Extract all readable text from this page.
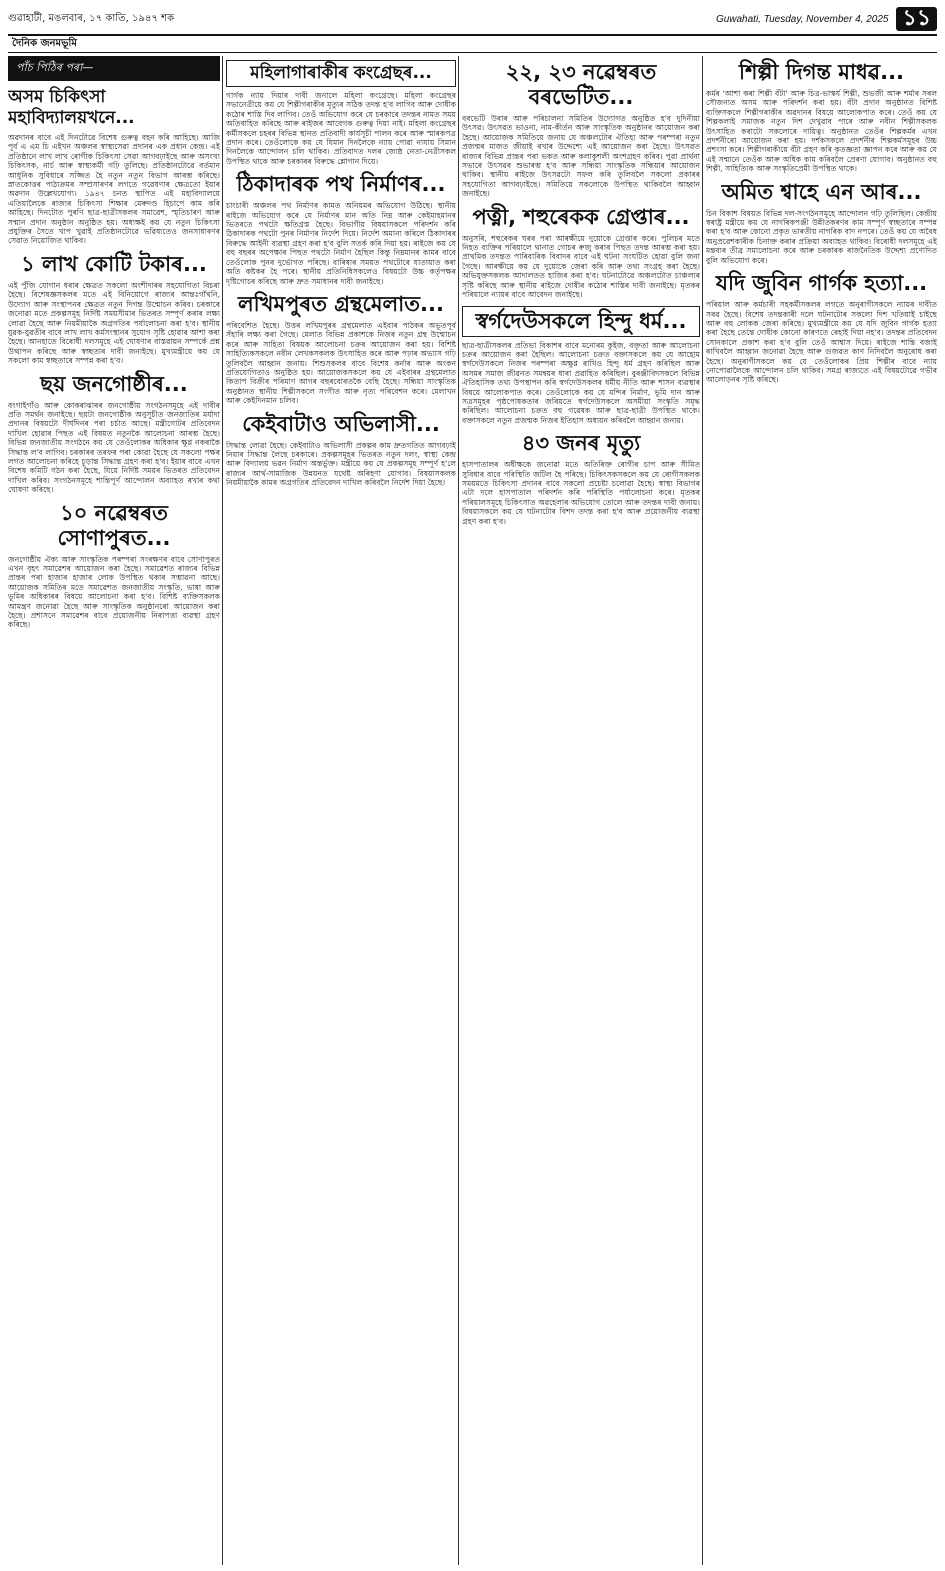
গুৱাহাটী, মঙলবাৰ, ১৭ কাতি, ১৯৪৭ শক	Guwahati, Tuesday, November 4, 2025 ১১
দৈনিক জনমভূমি
পাঁচ পিঠিৰ পৰা—
অসম চিকিৎসা মহাবিদ্যালয়খনে...

অৱদানৰ বাবে এই দিনটোৱে বিশেষ গুৰুত্ব বহন কৰি আহিছে। আজি পূৰ্ব এ এম চি এইখন অঞ্চলৰ স্বাস্থ্যসেৱা প্ৰদানৰ এক প্ৰধান কেন্দ্ৰ। এই প্ৰতিষ্ঠানে লাখ লাখ ৰোগীক চিকিৎসা সেৱা আগবঢ়াইছে আৰু অসংখ্য চিকিৎসক, নাৰ্চ আৰু স্বাস্থ্যকৰ্মী গঢ়ি তুলিছে। প্ৰতিষ্ঠানটোৱে বৰ্তমান আধুনিক সুবিধাৰে সজ্জিত হৈ নতুন নতুন বিভাগ আৰম্ভ কৰিছে। স্নাতকোত্তৰ পাঠ্যক্ৰমৰ সম্প্ৰসাৰণৰ লগতে গৱেষণাৰ ক্ষেত্ৰতো ইয়াৰ অৱদান উল্লেখযোগ্য। ১৯৪৭ চনত স্থাপিত এই মহাবিদ্যালয়ে এতিয়ালৈকে ৰাজ্যৰ চিকিৎসা শিক্ষাৰ মেৰুদণ্ড হিচাপে কাম কৰি আহিছে। দিনটোত পুৰণি ছাত্ৰ-ছাত্ৰীসকলৰ সমাৱেশ, স্মৃতিচাৰণ আৰু সন্মান প্ৰদান অনুষ্ঠান অনুষ্ঠিত হয়। অধ্যক্ষই কয় যে নতুন চিকিৎসা প্ৰযুক্তিৰ সৈতে খাপ খুৱাই প্ৰতিষ্ঠানটোৱে ভৱিষ্যতেও জনসাধাৰণৰ সেৱাত নিয়োজিত থাকিব।

১ লাখ কোটি টকাৰ...

এই পুঁজি যোগান ধৰাৰ ক্ষেত্ৰত সকলো অংশীদাৰৰ সহযোগিতা বিচৰা হৈছে। বিশেষজ্ঞসকলৰ মতে এই বিনিয়োগে ৰাজ্যৰ আন্তঃগাঁথনি, উদ্যোগ আৰু সংস্থাপনৰ ক্ষেত্ৰত নতুন দিগন্ত উন্মোচন কৰিব। চৰকাৰে জনোৱা মতে প্ৰকল্পসমূহ নিৰ্দিষ্ট সময়সীমাৰ ভিতৰত সম্পূৰ্ণ কৰাৰ লক্ষ্য লোৱা হৈছে আৰু নিয়মীয়াকৈ অগ্ৰগতিৰ পৰ্যালোচনা কৰা হ'ব। স্থানীয় যুৱক-যুৱতীৰ বাবে লাখ লাখ কৰ্মসংস্থানৰ সুযোগ সৃষ্টি হোৱাৰ আশা কৰা হৈছে। আনহাতে বিৰোধী দলসমূহে এই ঘোষণাৰ বাস্তৱায়ন সম্পৰ্কে প্ৰশ্ন উত্থাপন কৰিছে আৰু স্বচ্ছতাৰ দাবী জনাইছে। মুখ্যমন্ত্ৰীয়ে কয় যে সকলো কাম স্বচ্ছতাৰে সম্পন্ন কৰা হ'ব।

ছয় জনগোষ্ঠীৰ...

বংগাইগাঁও আৰু কোকৰাঝাৰৰ জনগোষ্ঠীয় সংগঠনসমূহে এই দাবীৰ প্ৰতি সমৰ্থন জনাইছে। ছয়টা জনগোষ্ঠীক অনুসূচীত জনজাতিৰ মৰ্যাদা প্ৰদানৰ বিষয়টো দীৰ্ঘদিনৰ পৰা চৰ্চাত আছে। মন্ত্ৰীগোটৰ প্ৰতিবেদন দাখিল হোৱাৰ পিছত এই বিষয়ত নতুনকৈ আলোচনা আৰম্ভ হৈছে। বিভিন্ন জনজাতীয় সংগঠনে কয় যে তেওঁলোকৰ অধিকাৰ ক্ষুণ্ণ নকৰাকৈ সিদ্ধান্ত ল'ব লাগিব। চৰকাৰৰ তৰফৰ পৰা কোৱা হৈছে যে সকলো পক্ষৰ লগত আলোচনা কৰিহে চূড়ান্ত সিদ্ধান্ত গ্ৰহণ কৰা হ'ব। ইয়াৰ বাবে এখন বিশেষ কমিটি গঠন কৰা হৈছে, যিয়ে নিৰ্দিষ্ট সময়ৰ ভিতৰত প্ৰতিবেদন দাখিল কৰিব। সংগঠনসমূহে শান্তিপূৰ্ণ আন্দোলন অব্যাহত ৰখাৰ কথা ঘোষণা কৰিছে।

১০ নৱেম্বৰত সোণাপুৰত...

জনগোষ্ঠীয় ঐক্য আৰু সাংস্কৃতিক পৰম্পৰা সংৰক্ষণৰ বাবে সোণাপুৰত এখন বৃহৎ সমাৱেশৰ আয়োজন কৰা হৈছে। সমাৱেশত ৰাজ্যৰ বিভিন্ন প্ৰান্তৰ পৰা হাজাৰ হাজাৰ লোক উপস্থিত থকাৰ সম্ভাৱনা আছে। আয়োজক সমিতিৰ মতে সমাৱেশত জনজাতীয় সংস্কৃতি, ভাষা আৰু ভূমিৰ অধিকাৰৰ বিষয়ে আলোচনা কৰা হ'ব। বিশিষ্ট ব্যক্তিসকলক আমন্ত্ৰণ জনোৱা হৈছে আৰু সাংস্কৃতিক অনুষ্ঠানৰো আয়োজন কৰা হৈছে। প্ৰশাসনে সমাৱেশৰ বাবে প্ৰয়োজনীয় নিৰাপত্তা ব্যৱস্থা গ্ৰহণ কৰিছে।

মহিলাগাৰাকীৰ কংগ্ৰেছৰ...

গাৰ্গক ন্যায় দিয়াৰ দাবী জনালে মহিলা কংগ্ৰেছে। মহিলা কংগ্ৰেছৰ সভানেত্ৰীয়ে কয় যে শিল্পীগৰাকীৰ মৃত্যুৰ সঠিক তদন্ত হ'ব লাগিব আৰু দোষীক কঠোৰ শাস্তি দিব লাগিব। তেওঁ অভিযোগ কৰে যে চৰকাৰে তদন্তৰ নামত সময় অতিবাহিত কৰিছে আৰু ৰাইজৰ আবেগক গুৰুত্ব দিয়া নাই। মহিলা কংগ্ৰেছৰ কৰ্মীসকলে চহৰৰ বিভিন্ন স্থানত প্ৰতিবাদী কাৰ্যসূচী পালন কৰে আৰু স্মাৰকপত্ৰ প্ৰদান কৰে। তেওঁলোকে কয় যে যিমান দিনলৈকে ন্যায় পোৱা নাযায় সিমান দিনলৈকে আন্দোলন চলি থাকিব। প্ৰতিবাদত দলৰ জ্যেষ্ঠ নেতা-নেত্ৰীসকল উপস্থিত থাকে আৰু চৰকাৰৰ বিৰুদ্ধে শ্লোগান দিয়ে।

ঠিকাদাৰক পথ নিৰ্মাণৰ...

চাংচাৰী অঞ্চলৰ পথ নিৰ্মাণৰ কামত অনিয়মৰ অভিযোগ উঠিছে। স্থানীয় ৰাইজে অভিযোগ কৰে যে নিৰ্মাণৰ মান অতি নিম্ন আৰু কেইমাহমানৰ ভিতৰতে পথটো ক্ষতিগ্ৰস্ত হৈছে। বিভাগীয় বিষয়াসকলে পৰিদৰ্শন কৰি ঠিকাদাৰক পথটো পুনৰ নিৰ্মাণৰ নিৰ্দেশ দিয়ে। নিৰ্দেশ অমান্য কৰিলে ঠিকাদাৰৰ বিৰুদ্ধে আইনী ব্যৱস্থা গ্ৰহণ কৰা হ'ব বুলি সতৰ্ক কৰি দিয়া হয়। ৰাইজে কয় যে বহু বছৰৰ অপেক্ষাৰ পিছত পথটো নিৰ্মাণ হৈছিল কিন্তু নিম্নমানৰ কামৰ বাবে তেওঁলোক পুনৰ দুৰ্ভোগত পৰিছে। বাৰিষাৰ সময়ত পথটোৰে যাতায়াত কৰা অতি কষ্টকৰ হৈ পৰে। স্থানীয় প্ৰতিনিধিসকলেও বিষয়টো উচ্চ কৰ্তৃপক্ষৰ দৃষ্টিগোচৰ কৰিছে আৰু দ্ৰুত সমাধানৰ দাবী জনাইছে।

লখিমপুৰত গ্ৰন্থমেলাত...

পৰিবেশিত হৈছে। উত্তৰ লখিমপুৰৰ গ্ৰন্থমেলাত এইবাৰ পাঠকৰ অভূতপূৰ্ব সঁহাৰি লক্ষ্য কৰা গৈছে। মেলাত বিভিন্ন প্ৰকাশকে নিজৰ নতুন গ্ৰন্থ উন্মোচন কৰে আৰু সাহিত্য বিষয়ক আলোচনা চক্ৰৰ আয়োজন কৰা হয়। বিশিষ্ট সাহিত্যিকসকলে নবীন লেখকসকলক উৎসাহিত কৰে আৰু পঢ়াৰ অভ্যাস গঢ়ি তুলিবলৈ আহ্বান জনায়। শিশুসকলৰ বাবে বিশেষ কৰ্নাৰ আৰু অংকন প্ৰতিযোগিতাও অনুষ্ঠিত হয়। আয়োজকসকলে কয় যে এইবাৰৰ গ্ৰন্থমেলাত কিতাপ বিক্ৰীৰ পৰিমাণ আগৰ বছৰবোৰতকৈ বেছি হৈছে। সন্ধিয়া সাংস্কৃতিক অনুষ্ঠানত স্থানীয় শিল্পীসকলে সংগীত আৰু নৃত্য পৰিবেশন কৰে। মেলাখন আৰু কেইদিনমান চলিব।

কেইবাটাও অভিলাসী...

সিদ্ধান্ত লোৱা হৈছে। কেইবাটাও অভিলাসী প্ৰকল্পৰ কাম দ্ৰুতগতিত আগবঢ়াই নিয়াৰ সিদ্ধান্ত লৈছে চৰকাৰে। প্ৰকল্পসমূহৰ ভিতৰত নতুন দলং, স্বাস্থ্য কেন্দ্ৰ আৰু বিদ্যালয় ভৱন নিৰ্মাণ অন্তৰ্ভুক্ত। মন্ত্ৰীয়ে কয় যে প্ৰকল্পসমূহ সম্পূৰ্ণ হ'লে ৰাজ্যৰ আৰ্থ-সামাজিক উন্নয়নত যথেষ্ট অৰিহণা যোগাব। বিষয়াসকলক নিয়মীয়াকৈ কামৰ অগ্ৰগতিৰ প্ৰতিবেদন দাখিল কৰিবলৈ নিৰ্দেশ দিয়া হৈছে।

২২, ২৩ নৱেম্বৰত বৰভেটিত...

বৰভেটি উৰাৰ আৰু পৰিচালনা সমিতিৰ উদ্যোগত অনুষ্ঠিত হ'ব দুদিনীয়া উৎসৱ। উৎসৱত ভাওনা, নাম-কীৰ্তন আৰু সাংস্কৃতিক অনুষ্ঠানৰ আয়োজন কৰা হৈছে। আয়োজক সমিতিয়ে জনায় যে অঞ্চলটোৰ ঐতিহ্য আৰু পৰম্পৰা নতুন প্ৰজন্মৰ মাজত জীয়াই ৰখাৰ উদ্দেশ্যে এই আয়োজন কৰা হৈছে। উৎসৱত ৰাজ্যৰ বিভিন্ন প্ৰান্তৰ পৰা ভকত আৰু কলাকুশলী অংশগ্ৰহণ কৰিব। পুৱা প্ৰাৰ্থনা সভাৰে উৎসৱৰ শুভাৰম্ভ হ'ব আৰু সন্ধিয়া সাংস্কৃতিক সন্ধিয়াৰ আয়োজন থাকিব। স্থানীয় ৰাইজে উৎসৱটো সফল কৰি তুলিবলৈ সকলো প্ৰকাৰৰ সহযোগিতা আগবঢ়াইছে। সমিতিয়ে সকলোকে উপস্থিত থাকিবলৈ আহ্বান জনাইছে।

পত্নী, শহুৰেকক গ্ৰেপ্তাৰ...

অনুসৰি, শহুৰেকৰ ঘৰৰ পৰা আৰক্ষীয়ে দুয়োকে গ্ৰেপ্তাৰ কৰে। পুলিচৰ মতে নিহত ব্যক্তিৰ পৰিয়ালে থানাত গোচৰ ৰুজু কৰাৰ পিছত তদন্ত আৰম্ভ কৰা হয়। প্ৰাথমিক তদন্তত পাৰিবাৰিক বিবাদৰ বাবে এই ঘটনা সংঘটিত হোৱা বুলি জনা গৈছে। আৰক্ষীয়ে কয় যে দুয়োকে জেৰা কৰি আৰু তথ্য সংগ্ৰহ কৰা হৈছে। অভিযুক্তসকলক আদালতত হাজিৰ কৰা হ'ব। ঘটনাটোৱে অঞ্চলটোত চাঞ্চল্যৰ সৃষ্টি কৰিছে আৰু স্থানীয় ৰাইজে দোষীৰ কঠোৰ শাস্তিৰ দাবী জনাইছে। মৃতকৰ পৰিয়ালে ন্যায়ৰ বাবে আবেদন জনাইছে।

স্বৰ্গদেউসকলে হিন্দু ধৰ্ম...

ছাত্ৰ-ছাত্ৰীসকলৰ প্ৰতিভা বিকাশৰ বাবে মনোৰম কুইজ, বক্তৃতা আৰু আলোচনা চক্ৰৰ আয়োজন কৰা হৈছিল। আলোচনা চক্ৰত বক্তাসকলে কয় যে আহোম স্বৰ্গদেউসকলে নিজৰ পৰম্পৰা অক্ষুণ্ণ ৰাখিও হিন্দু ধৰ্ম গ্ৰহণ কৰিছিল আৰু অসমৰ সমাজ জীৱনত সমন্বয়ৰ ধাৰা প্ৰৱাহিত কৰিছিল। বুৰঞ্জীবিদসকলে বিভিন্ন ঐতিহাসিক তথ্য উপস্থাপন কৰি স্বৰ্গদেউসকলৰ ধৰ্মীয় নীতি আৰু শাসন ব্যৱস্থাৰ বিষয়ে আলোকপাত কৰে। তেওঁলোকে কয় যে মন্দিৰ নিৰ্মাণ, ভূমি দান আৰু সত্ৰসমূহৰ পৃষ্ঠপোষকতাৰ জৰিয়তে স্বৰ্গদেউসকলে অসমীয়া সংস্কৃতি সমৃদ্ধ কৰিছিল। আলোচনা চক্ৰত বহু গৱেষক আৰু ছাত্ৰ-ছাত্ৰী উপস্থিত থাকে। বক্তাসকলে নতুন প্ৰজন্মক নিজৰ ইতিহাস অধ্যয়ন কৰিবলৈ আহ্বান জনায়।

৪৩ জনৰ মৃত্যু

হাসপাতালৰ অধীক্ষকে জনোৱা মতে অতিৰিক্ত ৰোগীৰ চাপ আৰু সীমিত সুবিধাৰ বাবে পৰিস্থিতি জটিল হৈ পৰিছে। চিকিৎসকসকলে কয় যে ৰোগীসকলক সময়মতে চিকিৎসা প্ৰদানৰ বাবে সকলো প্ৰচেষ্টা চলোৱা হৈছে। স্বাস্থ্য বিভাগৰ এটা দলে হাসপাতাল পৰিদৰ্শন কৰি পৰিস্থিতি পৰ্যালোচনা কৰে। মৃতকৰ পৰিয়ালসমূহে চিকিৎসাত অৱহেলাৰ অভিযোগ তোলে আৰু তদন্তৰ দাবী জনায়। বিষয়াসকলে কয় যে ঘটনাটোৰ বিশদ তদন্ত কৰা হ'ব আৰু প্ৰয়োজনীয় ব্যৱস্থা গ্ৰহণ কৰা হ'ব।

শিল্পী দিগন্ত মাধৱ...

কৰ্মৰ 'আশা কৰা শিল্পী বঁটা' আৰু চিত্ৰ-ভাস্কৰ্য শিল্পী, শুভজী আৰু শৰ্মাৰ সৰল সৌজন্যত অসম আৰু পৰিদৰ্শন কৰা হয়। বঁটা প্ৰদান অনুষ্ঠানত বিশিষ্ট ব্যক্তিসকলে শিল্পীগৰাকীৰ অৱদানৰ বিষয়ে আলোকপাত কৰে। তেওঁ কয় যে শিল্পকলাই সমাজক নতুন দিশ দেখুৱাব পাৰে আৰু নবীন শিল্পীসকলক উৎসাহিত কৰাটো সকলোৰে দায়িত্ব। অনুষ্ঠানত তেওঁৰ শিল্পকৰ্মৰ এখন প্ৰদৰ্শনীৰো আয়োজন কৰা হয়। দৰ্শকসকলে প্ৰদৰ্শনীৰ শিল্পকৰ্মসমূহৰ উচ্চ প্ৰশংসা কৰে। শিল্পীগৰাকীয়ে বঁটা গ্ৰহণ কৰি কৃতজ্ঞতা জ্ঞাপন কৰে আৰু কয় যে এই সন্মানে তেওঁক আৰু অধিক কাম কৰিবলৈ প্ৰেৰণা যোগাব। অনুষ্ঠানত বহু শিল্পী, সাহিত্যিক আৰু সংস্কৃতিপ্ৰেমী উপস্থিত থাকে।

অমিত শ্বাহে এন আৰ...

চিন বিকাশ বিষয়ত বিভিন্ন দল-সংগঠনসমূহে আন্দোলন গঢ়ি তুলিছিল। কেন্দ্ৰীয় স্বৰাষ্ট্ৰ মন্ত্ৰীয়ে কয় যে নাগৰিকপঞ্জী উন্নীতকৰণৰ কাম সম্পূৰ্ণ স্বচ্ছতাৰে সম্পন্ন কৰা হ'ব আৰু কোনো প্ৰকৃত ভাৰতীয় নাগৰিক বাদ নপৰে। তেওঁ কয় যে অবৈধ অনুপ্ৰৱেশকাৰীক চিনাক্ত কৰাৰ প্ৰক্ৰিয়া অব্যাহত থাকিব। বিৰোধী দলসমূহে এই মন্তব্যৰ তীব্ৰ সমালোচনা কৰে আৰু চৰকাৰক ৰাজনৈতিক উদ্দেশ্য প্ৰণোদিত বুলি অভিযোগ কৰে।

যদি জুবিন গাৰ্গক হত্যা...

পৰিয়াল আৰু কৰ্মচাৰী সহকৰ্মীসকলৰ লগতে অনুৰাগীসকলে ন্যায়ৰ দাবীত সৰৱ হৈছে। বিশেষ তদন্তকাৰী দলে ঘটনাটোৰ সকলো দিশ খতিয়াই চাইছে আৰু বহু লোকক জেৰা কৰিছে। মুখ্যমন্ত্ৰীয়ে কয় যে যদি জুবিন গাৰ্গক হত্যা কৰা হৈছে তেন্তে দোষীক কোনো কাৰণতে ৰেহাই দিয়া নহ'ব। তদন্তৰ প্ৰতিবেদন সোনকালে প্ৰকাশ কৰা হ'ব বুলি তেওঁ আশ্বাস দিয়ে। ৰাইজে শান্তি বজাই ৰাখিবলৈ আহ্বান জনোৱা হৈছে আৰু গুজৱত কাণ নিদিবলৈ অনুৰোধ কৰা হৈছে। অনুৰাগীসকলে কয় যে তেওঁলোকৰ প্ৰিয় শিল্পীৰ বাবে ন্যায় নোপোৱালৈকে আন্দোলন চলি থাকিব। সমগ্ৰ ৰাজ্যতে এই বিষয়টোৱে গভীৰ আলোড়নৰ সৃষ্টি কৰিছে।
